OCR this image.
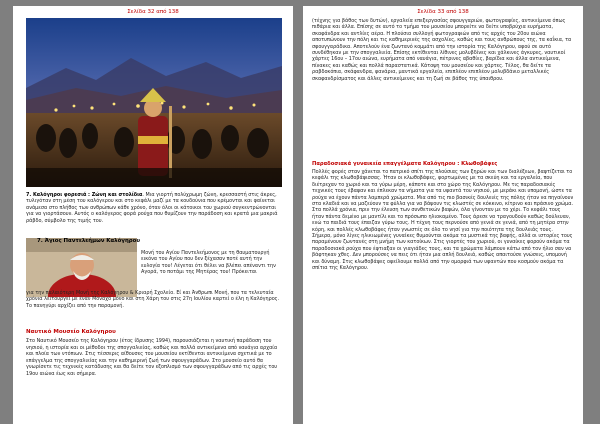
Σελίδα 32 από 138
7. Καλόγηροι φορεσιά : Ζώνη και στολίδια. Μια γιορτή πολύχρωμη ζώνη, κρεσσαστή στις άκρες, τυλιγόταν στη μέση του καλόγερου και στο κεφάλι μαζί με τα κουδούνια που κρέμονται και φαίνεται ανάμεσα στο πλήθος των ανθρώπων κάθε χρόνο, όταν όλοι οι κάτοικοι του χωριού συγκεντρώνονται για να γιορτάσουν. Αυτός ο καλόγερος φορά ρούχα που θυμίζουν την παράδοση και κρατά μια μακριά ράβδο, σύμβολο της τιμής του.
7. Άγιος Παντελεήμων Καλόγηρου
Μονή του Αγίου Παντελεήμονος με τη θαυματουργή εικόνα του Αγίου που δεν ξέχασαν ποτέ αυτή την ευλογία του! Λέγεται ότι θέλει να βλέπει απέναντι την Αγορά, το ποτάμι της Μητέρας του! Πρόκειται
για την παλαιότερη Μονή της Καλόγηρου & Κριαρή Σχολείο. Εί και Άνθρωπι Μονή, που τα τελευταία χρόνια λειτουργεί με έναν Μοναχό μόνο και στη Χάρη του στις 27η Ιουλίου καρτεί ο έλη η Καλόγηρος. Το πανηγύρι αρχίζει από την παραμονή.
Ναυτικό Μουσείο Καλόγηρου
Στο Ναυτικό Μουσείο της Καλόγηρου (έτος ίδρυσης 1994), παρουσιάζεται η ναυτική παράδοση του νησιού, η ιστορία και οι μέθοδοι της σπογγαλιείας, καθώς και πολλά αντικείμενα από ναυάγια αρχαία και πλοία των ντόπιων. Στις τέσσερις αίθουσες του μουσείου εκτίθενται αντικείμενα σχετικά με το επάγγελμα της σπογγαλιείας και την καθημερινή ζωή των σφουγγαράδων. Στο μουσείο αυτό θα γνωρίσετε τις τεχνικές κατάδυσης και θα δείτε τον εξοπλισμό των σφουγγαράδων από τις αρχές του 19ου αιώνα έως και σήμερα.
Σελίδα 33 από 138
(τέχνης για βάθος των δυτών), εργαλεία επεξεργασίας σφουγγαριών, φωτογραφίες, αντικείμενα όπως πιθάρια και άλλα. Επίσης σε αυτό το τμήμα του μουσείου μπορείτε να δείτε υποβρύχια ευρήματα, σκαφάνδρα και αντλίες αέρα. Η πλούσια συλλογή φωτογραφιών από τις αρχές του 20ου αιώνα αποτυπώνουν την πόλη και τις καθημερινές της ασχολίες, καθώς και τους ανθρώπους της, τα καΐκια, τα σφουγγαράδικα. Αποτελούν ένα ζωντανό κομμάτι από την ιστορία της Καλόγηρου, αφού σε αυτό συνδέθηκαν με την σπογγαλιεία. Επίσης εκτίθενται λίθινες μολυβδίνες και χάλκινες άγκυρες, ναυτικοί χάρτες 16ου – 17ου αιώνα, ευρήματα από ναυάγια, πέτρινες αβαθίες, βαρίδια και άλλα αντικείμενα, πίνακες και καθώς και πολλά παραστατικά. Κάτοψη του μουσείου και χάρτες. Τέλος, θα δείτε τα ραβδοκόπια, σκάφανδρα, φανάρια, μαντικά εργαλεία, επιπλέον επιπλέον μολυβδάνιο μεταλλικές σκαφανδρίσματος και άλλες αντικείμενες και τη ζωή σε βάθος της ύπαιθρου.
Παραδοσιακά γυναικεία επαγγέλματα Καλόγηρου : Κλωθοβάφες
Πολλές φορές σταν χάνεται το πατρικό σπίτι της πλούσιας των ξηρών και των διαλέξεων, βαφτίζεται το κεφάλι της κλωθοβάφισσας. Ήταν οι κλωθοβάφες, φορτωμένες με τα σκεύη και τα εργαλεία, που διέτρεχαν το χωριό και τα γύρω μέρη, κάποτε και στο χώρο της Καλόγηρου. Με τις παραδοσιακές τεχνικές τους έβαφαν και έπλεκαν τα νήματα για τα υφαντά του νησιού, με μεράκι και υπομονή, ώστε τα ρούχα να έχουν πάντα λαμπερά χρώματα. Μια από τις πιο βασικές δουλειές της πόλης ήταν να πηγαίνουν στα κλαδιά και να μαζεύουν τα φύλλα για να βάψουν τις κλωστές σε κόκκινο, κίτρινο και πράσινο χρώμα. Στα πολλά χρόνια, πριν την έλευση των συνθετικών βαφών, όλα γίνονταν με το χέρι. Το κεφάλι τους ήταν πάντα δεμένο με μαντίλι και το πρόσωπο ηλιοκαμένο. Τους άρεσε να τραγουδούν καθώς δούλευαν, ενώ τα παιδιά τους έπαιζαν γύρω τους. Η τέχνη τους περνούσε από γενιά σε γενιά, από τη μητέρα στην κόρη, και πολλές κλωθοβάφες ήταν γνωστές σε όλο το νησί για την ποιότητα της δουλειάς τους. Σήμερα, μόνο λίγες ηλικιωμένες γυναίκες θυμούνται ακόμα τα μυστικά της βαφής, αλλά οι ιστορίες τους παραμένουν ζωντανές στη μνήμη των κατοίκων. Στις γιορτές του χωριού, οι γυναίκες φορούν ακόμα τα παραδοσιακά ρούχα που έφτιαξαν οι γιαγιάδες τους, και τα χρώματα λάμπουν κάτω από τον ήλιο σαν να βάφτηκαν χθες. Δεν μπορούσες να πεις ότι ήταν μια απλή δουλειά, καθώς απαιτούσε γνώσεις, υπομονή και δύναμη. Στις κλωθοβάφες οφείλουμε πολλά από την ομορφιά των υφαντών που κοσμούν ακόμα τα σπίτια της Καλόγηρου.
